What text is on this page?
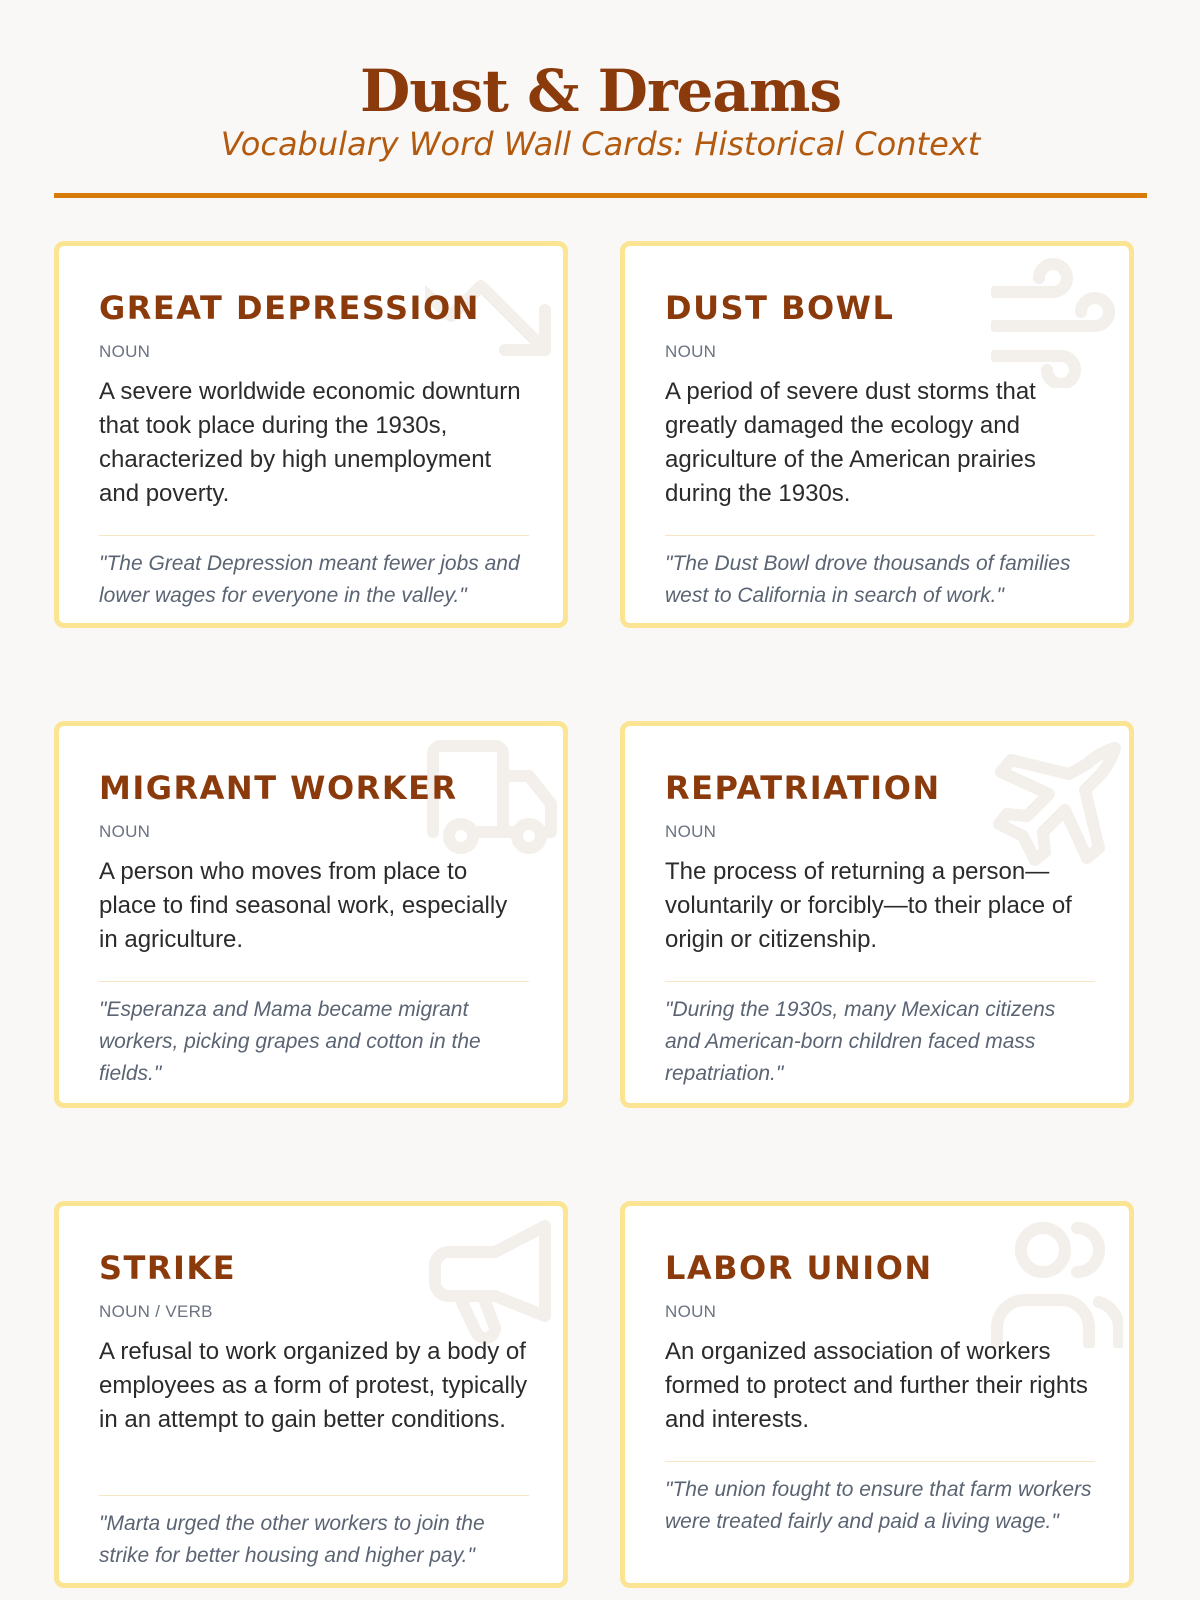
Dust & Dreams
Vocabulary Word Wall Cards: Historical Context
GREAT DEPRESSION
NOUN
A severe worldwide economic downturn that took place during the 1930s, characterized by high unemployment and poverty.
"The Great Depression meant fewer jobs and lower wages for everyone in the valley."
DUST BOWL
NOUN
A period of severe dust storms that greatly damaged the ecology and agriculture of the American prairies during the 1930s.
"The Dust Bowl drove thousands of families west to California in search of work."
MIGRANT WORKER
NOUN
A person who moves from place to place to find seasonal work, especially in agriculture.
"Esperanza and Mama became migrant workers, picking grapes and cotton in the fields."
REPATRIATION
NOUN
The process of returning a person—voluntarily or forcibly—to their place of origin or citizenship.
"During the 1930s, many Mexican citizens and American-born children faced mass repatriation."
STRIKE
NOUN / VERB
A refusal to work organized by a body of employees as a form of protest, typically in an attempt to gain better conditions.
"Marta urged the other workers to join the strike for better housing and higher pay."
LABOR UNION
NOUN
An organized association of workers formed to protect and further their rights and interests.
"The union fought to ensure that farm workers were treated fairly and paid a living wage."
